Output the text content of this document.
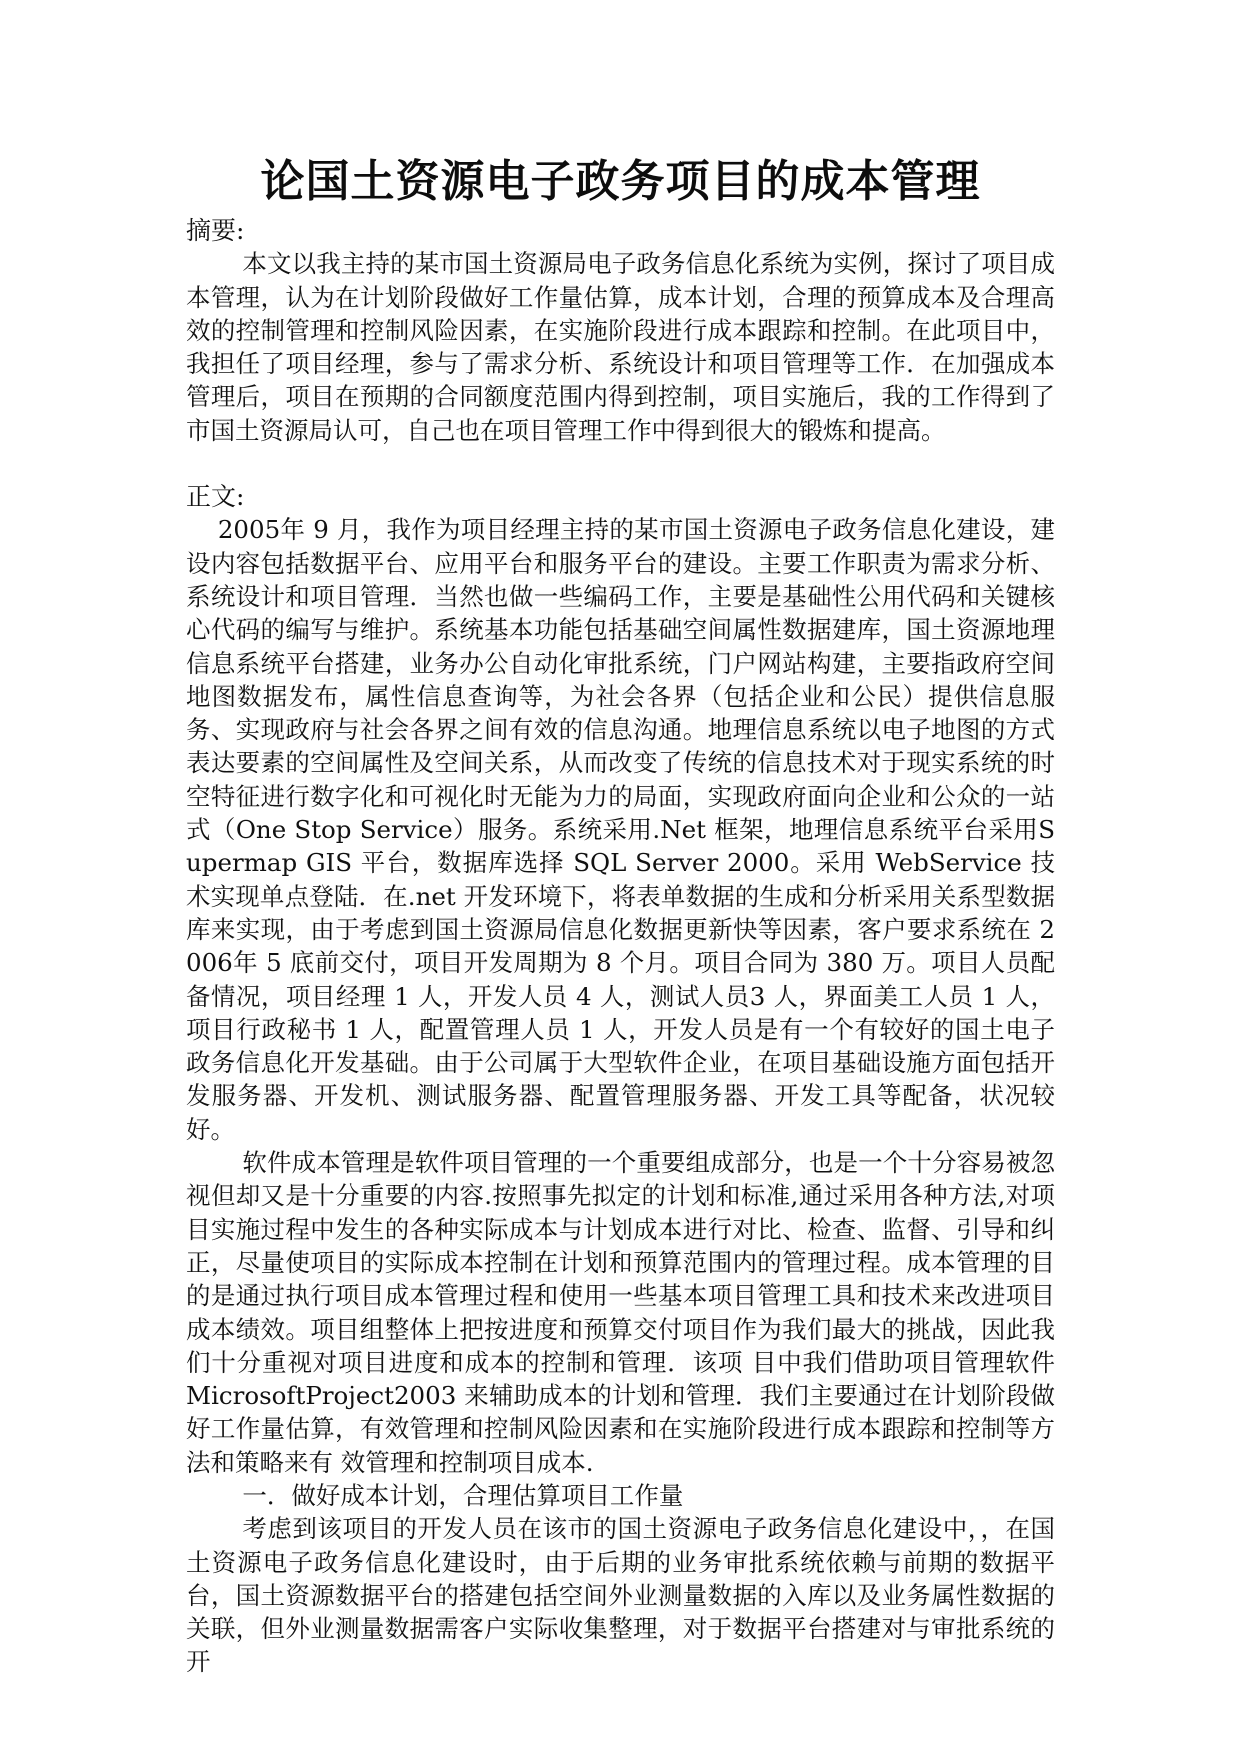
论国土资源电子政务项目的成本管理

摘要:

本文以我主持的某市国土资源局电子政务信息化系统为实例，探讨了项目成本管理，认为在计划阶段做好工作量估算，成本计划，合理的预算成本及合理高效的控制管理和控制风险因素，在实施阶段进行成本跟踪和控制。在此项目中，我担任了项目经理，参与了需求分析、系统设计和项目管理等工作．在加强成本管理后，项目在预期的合同额度范围内得到控制，项目实施后，我的工作得到了市国土资源局认可，自己也在项目管理工作中得到很大的锻炼和提高。

正文:

2005年 9 月，我作为项目经理主持的某市国土资源电子政务信息化建设，建设内容包括数据平台、应用平台和服务平台的建设。主要工作职责为需求分析、系统设计和项目管理．当然也做一些编码工作，主要是基础性公用代码和关键核心代码的编写与维护。系统基本功能包括基础空间属性数据建库，国土资源地理信息系统平台搭建，业务办公自动化审批系统，门户网站构建，主要指政府空间地图数据发布，属性信息查询等，为社会各界（包括企业和公民）提供信息服务、实现政府与社会各界之间有效的信息沟通。地理信息系统以电子地图的方式表达要素的空间属性及空间关系，从而改变了传统的信息技术对于现实系统的时空特征进行数字化和可视化时无能为力的局面，实现政府面向企业和公众的一站式（One Stop Service）服务。系统采用.Net 框架，地理信息系统平台采用Supermap GIS 平台，数据库选择 SQL Server 2000。采用 WebService 技术实现单点登陆．在.net 开发环境下，将表单数据的生成和分析采用关系型数据库来实现，由于考虑到国土资源局信息化数据更新快等因素，客户要求系统在 2006年 5 底前交付，项目开发周期为 8 个月。项目合同为 380 万。项目人员配备情况，项目经理 1 人，开发人员 4 人，测试人员3 人，界面美工人员 1 人，项目行政秘书 1 人，配置管理人员 1 人，开发人员是有一个有较好的国土电子政务信息化开发基础。由于公司属于大型软件企业，在项目基础设施方面包括开发服务器、开发机、测试服务器、配置管理服务器、开发工具等配备，状况较好。

软件成本管理是软件项目管理的一个重要组成部分，也是一个十分容易被忽视但却又是十分重要的内容.按照事先拟定的计划和标准,通过采用各种方法,对项目实施过程中发生的各种实际成本与计划成本进行对比、检查、监督、引导和纠正，尽量使项目的实际成本控制在计划和预算范围内的管理过程。成本管理的目的是通过执行项目成本管理过程和使用一些基本项目管理工具和技术来改进项目成本绩效。项目组整体上把按进度和预算交付项目作为我们最大的挑战，因此我们十分重视对项目进度和成本的控制和管理．该项 目中我们借助项目管理软件 MicrosoftProject2003 来辅助成本的计划和管理．我们主要通过在计划阶段做好工作量估算，有效管理和控制风险因素和在实施阶段进行成本跟踪和控制等方法和策略来有 效管理和控制项目成本.

一．做好成本计划，合理估算项目工作量

考虑到该项目的开发人员在该市的国土资源电子政务信息化建设中，，在国土资源电子政务信息化建设时，由于后期的业务审批系统依赖与前期的数据平台，国土资源数据平台的搭建包括空间外业测量数据的入库以及业务属性数据的关联，但外业测量数据需客户实际收集整理，对于数据平台搭建对与审批系统的开
